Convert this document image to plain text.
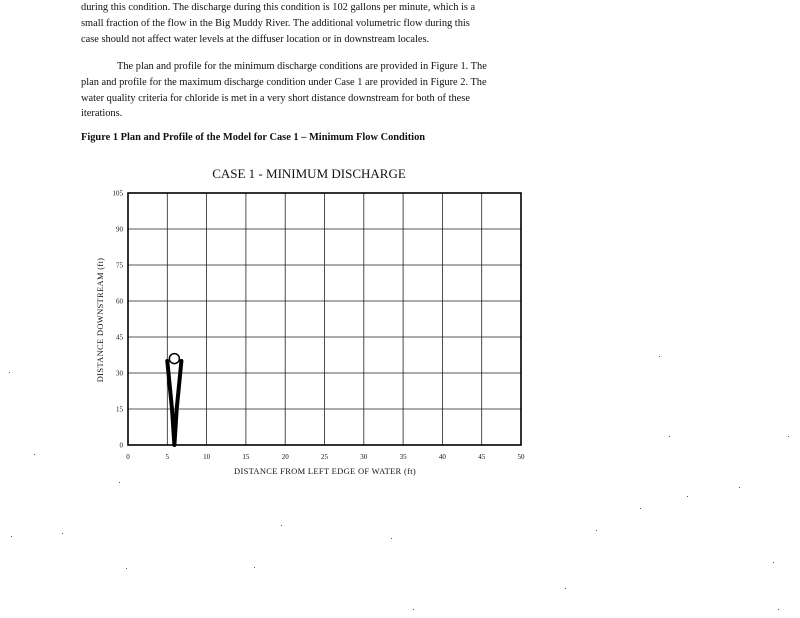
during this condition. The discharge during this condition is 102 gallons per minute, which is a
small fraction of the flow in the Big Muddy River. The additional volumetric flow during this
case should not affect water levels at the diffuser location or in downstream locales.

The plan and profile for the minimum discharge conditions are provided in Figure 1. The
plan and profile for the maximum discharge condition under Case 1 are provided in Figure 2. The
water quality criteria for chloride is met in a very short distance downstream for both of these
iterations.

Figure 1 Plan and Profile of the Model for Case 1 – Minimum Flow Condition

CASE 1 - MINIMUM DISCHARGE
0	5	10	15	20	25	30	35	40	45	50
0
15
30
45
60
75
90
105
DISTANCE FROM LEFT EDGE OF WATER (ft)
DISTANCE DOWNSTREAM (ft)
